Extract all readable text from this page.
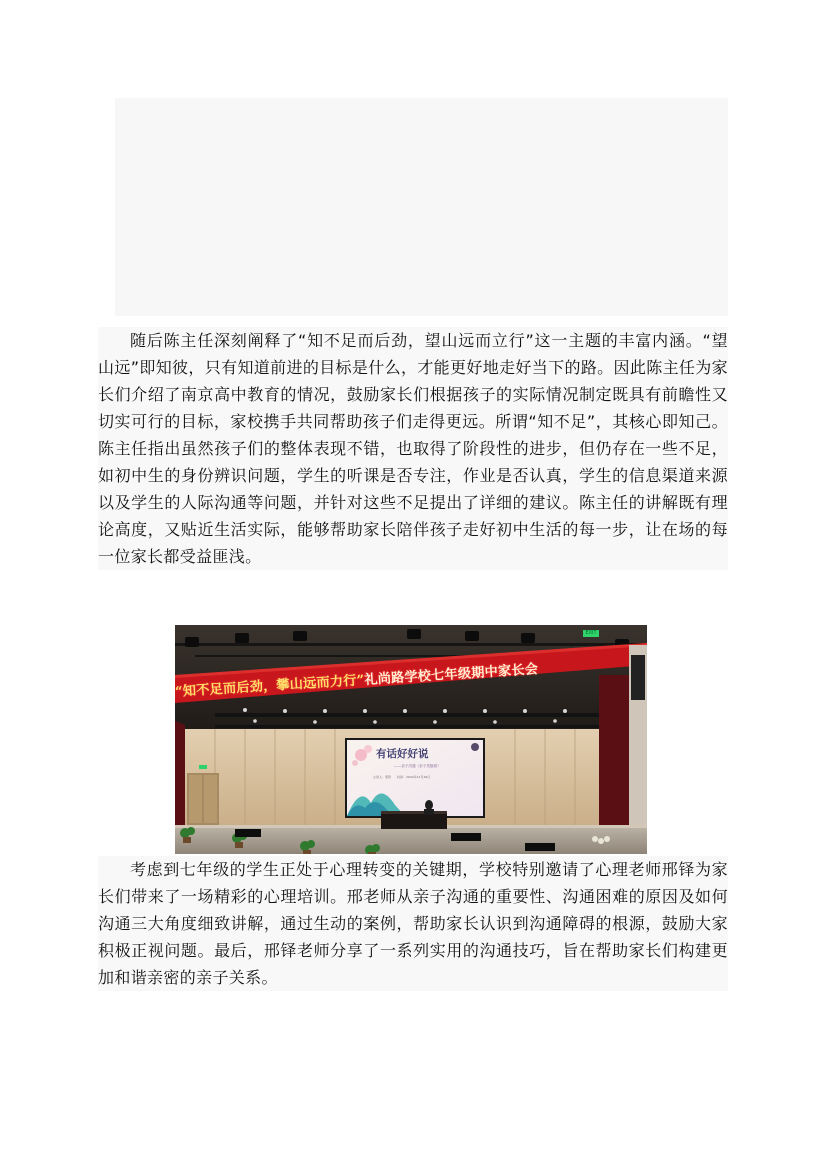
随后陈主任深刻阐释了“知不足而后劲，望山远而立行”这一主题的丰富内涵。“望山远”即知彼，只有知道前进的目标是什么，才能更好地走好当下的路。因此陈主任为家长们介绍了南京高中教育的情况，鼓励家长们根据孩子的实际情况制定既具有前瞻性又切实可行的目标，家校携手共同帮助孩子们走得更远。所谓“知不足”，其核心即知己。陈主任指出虽然孩子们的整体表现不错，也取得了阶段性的进步，但仍存在一些不足，如初中生的身份辨识问题，学生的听课是否专注，作业是否认真，学生的信息渠道来源以及学生的人际沟通等问题，并针对这些不足提出了详细的建议。陈主任的讲解既有理论高度，又贴近生活实际，能够帮助家长陪伴孩子走好初中生活的每一步，让在场的每一位家长都受益匪浅。

“知不足而后劲，攀山远而力行”礼尚路学校七年级期中家长会
EXIT
有话好好说
——亲子沟通（亲子类版面）
主讲人：邢铎　　时间：2024年11月16日

考虑到七年级的学生正处于心理转变的关键期，学校特别邀请了心理老师邢铎为家长们带来了一场精彩的心理培训。邢老师从亲子沟通的重要性、沟通困难的原因及如何沟通三大角度细致讲解，通过生动的案例，帮助家长认识到沟通障碍的根源，鼓励大家积极正视问题。最后，邢铎老师分享了一系列实用的沟通技巧，旨在帮助家长们构建更加和谐亲密的亲子关系。
